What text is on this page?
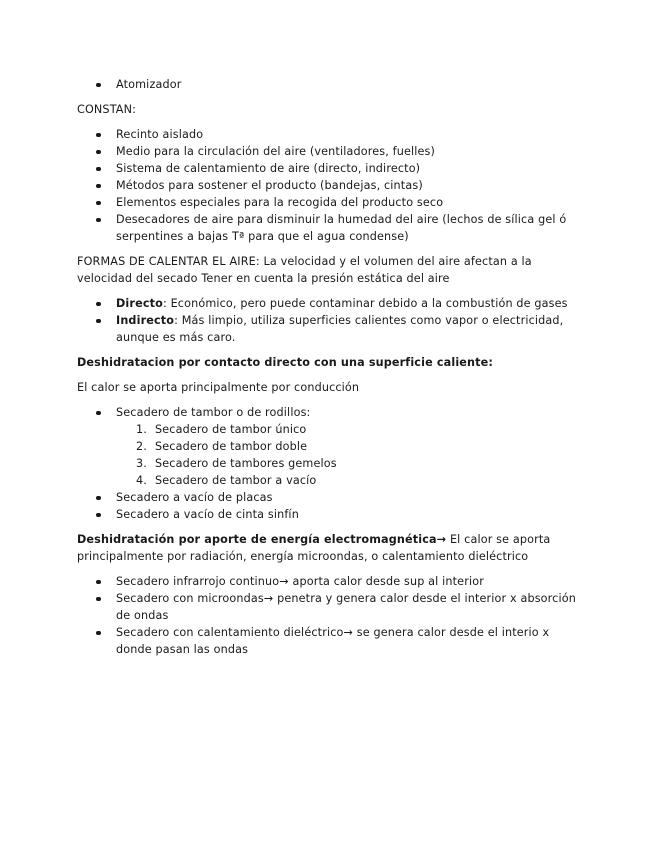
Atomizador

CONSTAN:

Recinto aislado
Medio para la circulación del aire (ventiladores, fuelles)
Sistema de calentamiento de aire (directo, indirecto)
Métodos para sostener el producto (bandejas, cintas)
Elementos especiales para la recogida del producto seco
Desecadores de aire para disminuir la humedad del aire (lechos de sílica gel ó serpentines a bajas Tª para que el agua condense)

FORMAS DE CALENTAR EL AIRE: La velocidad y el volumen del aire afectan a la velocidad del secado Tener en cuenta la presión estática del aire

Directo: Económico, pero puede contaminar debido a la combustión de gases
Indirecto: Más limpio, utiliza superficies calientes como vapor o electricidad, aunque es más caro.

Deshidratacion por contacto directo con una superficie caliente:

El calor se aporta principalmente por conducción

Secadero de tambor o de rodillos:
1. Secadero de tambor único
2. Secadero de tambor doble
3. Secadero de tambores gemelos
4. Secadero de tambor a vacío
Secadero a vacío de placas
Secadero a vacío de cinta sinfín

Deshidratación por aporte de energía electromagnética→ El calor se aporta principalmente por radiación, energía microondas, o calentamiento dieléctrico

Secadero infrarrojo continuo→ aporta calor desde sup al interior
Secadero con microondas→ penetra y genera calor desde el interior x absorción de ondas
Secadero con calentamiento dieléctrico→ se genera calor desde el interio x donde pasan las ondas
